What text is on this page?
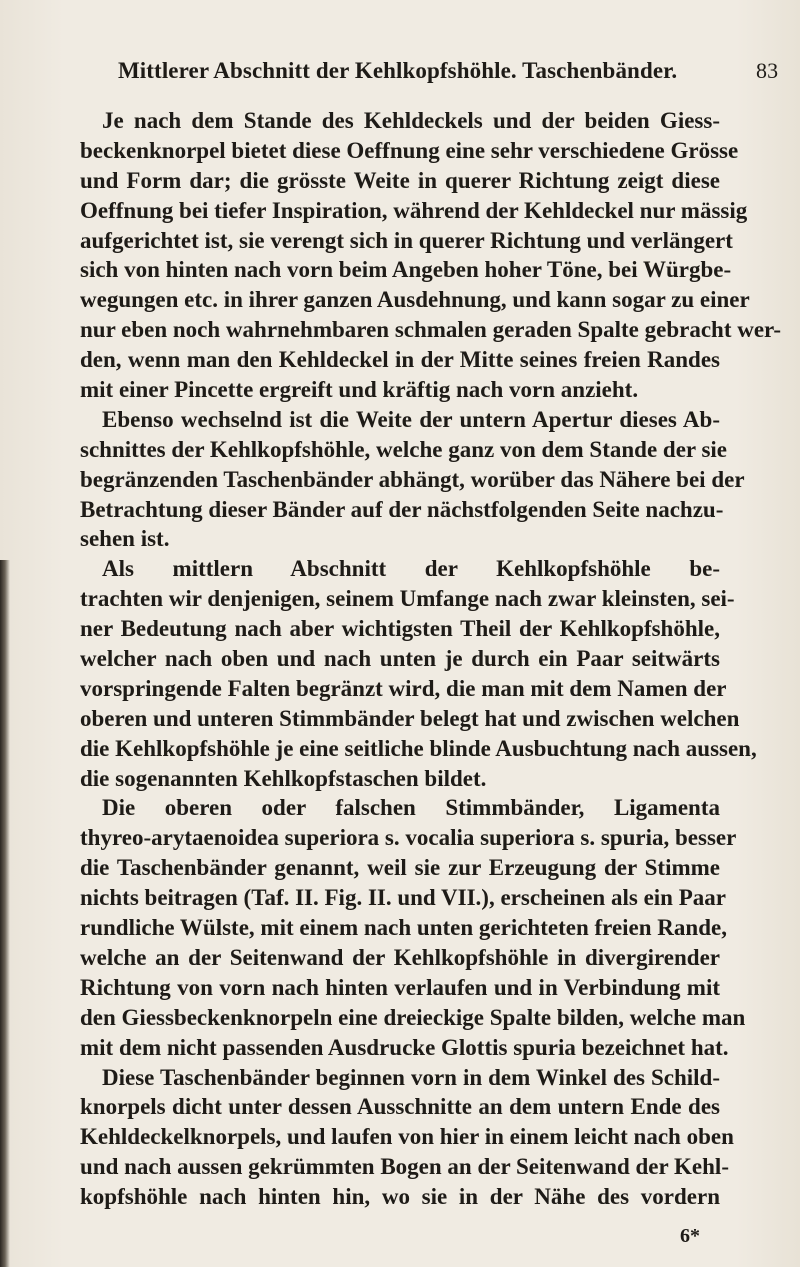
Mittlerer Abschnitt der Kehlkopfshöhle. Taschenbänder.	83
Je nach dem Stande des Kehldeckels und der beiden Giess-
beckenknorpel bietet diese Oeffnung eine sehr verschiedene Grösse
und Form dar; die grösste Weite in querer Richtung zeigt diese
Oeffnung bei tiefer Inspiration, während der Kehldeckel nur mässig
aufgerichtet ist, sie verengt sich in querer Richtung und verlängert
sich von hinten nach vorn beim Angeben hoher Töne, bei Würgbe-
wegungen etc. in ihrer ganzen Ausdehnung, und kann sogar zu einer
nur eben noch wahrnehmbaren schmalen geraden Spalte gebracht wer-
den, wenn man den Kehldeckel in der Mitte seines freien Randes
mit einer Pincette ergreift und kräftig nach vorn anzieht.
Ebenso wechselnd ist die Weite der untern Apertur dieses Ab-
schnittes der Kehlkopfshöhle, welche ganz von dem Stande der sie
begränzenden Taschenbänder abhängt, worüber das Nähere bei der
Betrachtung dieser Bänder auf der nächstfolgenden Seite nachzu-
sehen ist.
Als mittlern Abschnitt der Kehlkopfshöhle be-
trachten wir denjenigen, seinem Umfange nach zwar kleinsten, sei-
ner Bedeutung nach aber wichtigsten Theil der Kehlkopfshöhle,
welcher nach oben und nach unten je durch ein Paar seitwärts
vorspringende Falten begränzt wird, die man mit dem Namen der
oberen und unteren Stimmbänder belegt hat und zwischen welchen
die Kehlkopfshöhle je eine seitliche blinde Ausbuchtung nach aussen,
die sogenannten Kehlkopfstaschen bildet.
Die oberen oder falschen Stimmbänder, Ligamenta
thyreo-arytaenoidea superiora s. vocalia superiora s. spuria, besser
die Taschenbänder genannt, weil sie zur Erzeugung der Stimme
nichts beitragen (Taf. II. Fig. II. und VII.), erscheinen als ein Paar
rundliche Wülste, mit einem nach unten gerichteten freien Rande,
welche an der Seitenwand der Kehlkopfshöhle in divergirender
Richtung von vorn nach hinten verlaufen und in Verbindung mit
den Giessbeckenknorpeln eine dreieckige Spalte bilden, welche man
mit dem nicht passenden Ausdrucke Glottis spuria bezeichnet hat.
Diese Taschenbänder beginnen vorn in dem Winkel des Schild-
knorpels dicht unter dessen Ausschnitte an dem untern Ende des
Kehldeckelknorpels, und laufen von hier in einem leicht nach oben
und nach aussen gekrümmten Bogen an der Seitenwand der Kehl-
kopfshöhle nach hinten hin, wo sie in der Nähe des vordern
6*
